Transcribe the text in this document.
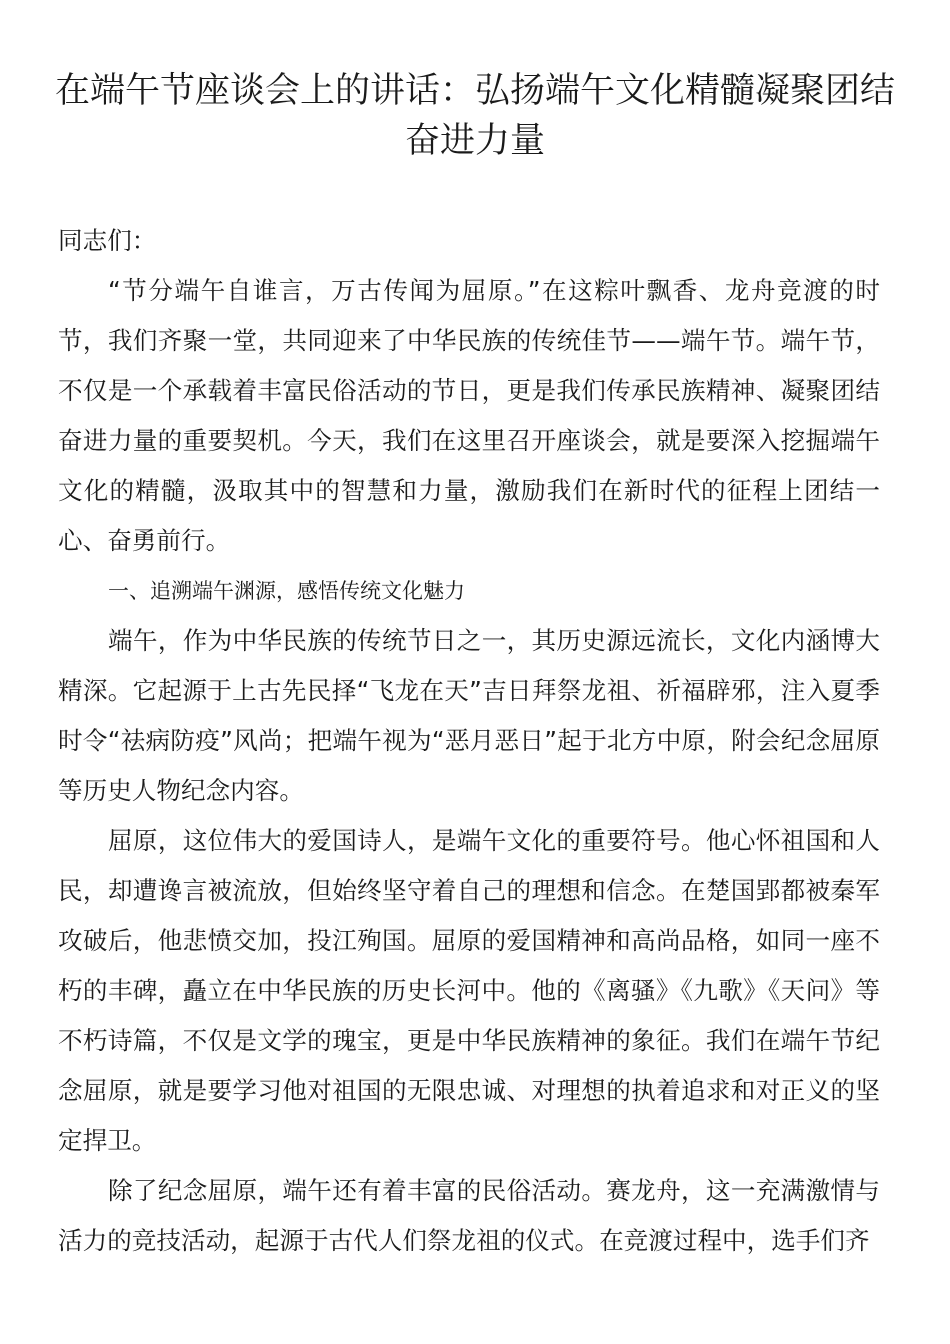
在端午节座谈会上的讲话：弘扬端午文化精髓凝聚团结奋进力量

同志们：

“节分端午自谁言，万古传闻为屈原。”在这粽叶飘香、龙舟竞渡的时节，我们齐聚一堂，共同迎来了中华民族的传统佳节——端午节。端午节，不仅是一个承载着丰富民俗活动的节日，更是我们传承民族精神、凝聚团结奋进力量的重要契机。今天，我们在这里召开座谈会，就是要深入挖掘端午文化的精髓，汲取其中的智慧和力量，激励我们在新时代的征程上团结一心、奋勇前行。

一、追溯端午渊源，感悟传统文化魅力

端午，作为中华民族的传统节日之一，其历史源远流长，文化内涵博大精深。它起源于上古先民择“飞龙在天”吉日拜祭龙祖、祈福辟邪，注入夏季时令“祛病防疫”风尚；把端午视为“恶月恶日”起于北方中原，附会纪念屈原等历史人物纪念内容。

屈原，这位伟大的爱国诗人，是端午文化的重要符号。他心怀祖国和人民，却遭谗言被流放，但始终坚守着自己的理想和信念。在楚国郢都被秦军攻破后，他悲愤交加，投江殉国。屈原的爱国精神和高尚品格，如同一座不朽的丰碑，矗立在中华民族的历史长河中。他的《离骚》《九歌》《天问》等不朽诗篇，不仅是文学的瑰宝，更是中华民族精神的象征。我们在端午节纪念屈原，就是要学习他对祖国的无限忠诚、对理想的执着追求和对正义的坚定捍卫。

除了纪念屈原，端午还有着丰富的民俗活动。赛龙舟，这一充满激情与活力的竞技活动，起源于古代人们祭龙祖的仪式。在竞渡过程中，选手们齐
